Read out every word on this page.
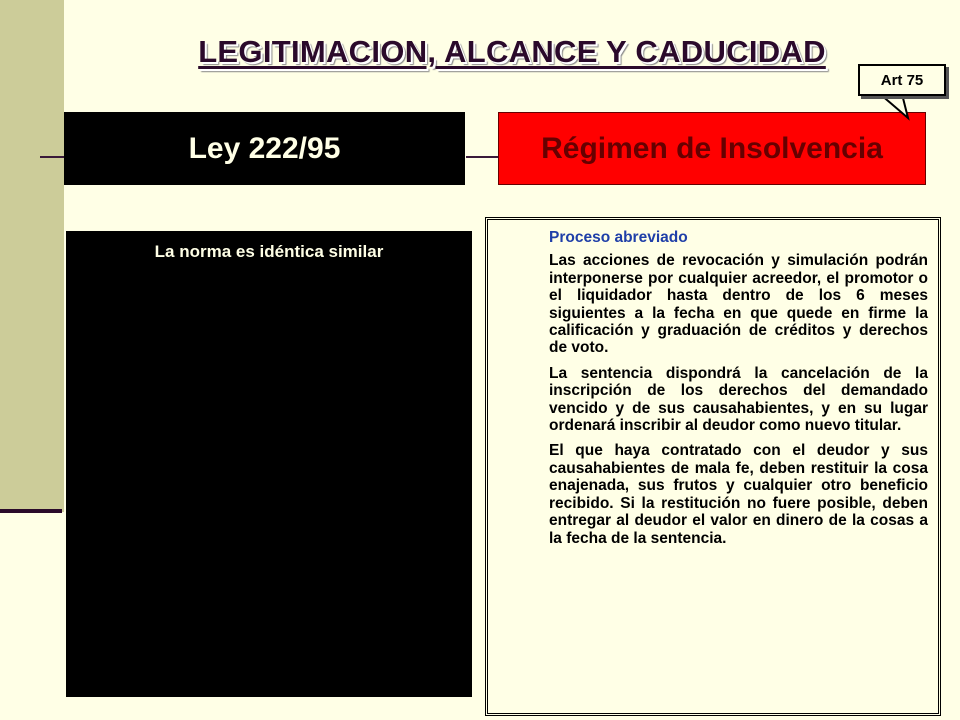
LEGITIMACION, ALCANCE Y CADUCIDAD
Ley 222/95	Régimen de Insolvencia
Art 75
La norma es idéntica similar
Proceso abreviado

Las acciones de revocación y simulación podrán interponerse por cualquier acreedor, el promotor o el liquidador hasta dentro de los 6 meses siguientes a la fecha en que quede en firme la calificación y graduación de créditos y derechos de voto.

La sentencia dispondrá la cancelación de la inscripción de los derechos del demandado vencido y de sus causahabientes, y en su lugar ordenará inscribir al deudor como nuevo titular.

El que haya contratado con el deudor y sus causahabientes de mala fe, deben restituir la cosa enajenada, sus frutos y cualquier otro beneficio recibido. Si la restitución no fuere posible, deben entregar al deudor el valor en dinero de la cosas a la fecha de la sentencia.
